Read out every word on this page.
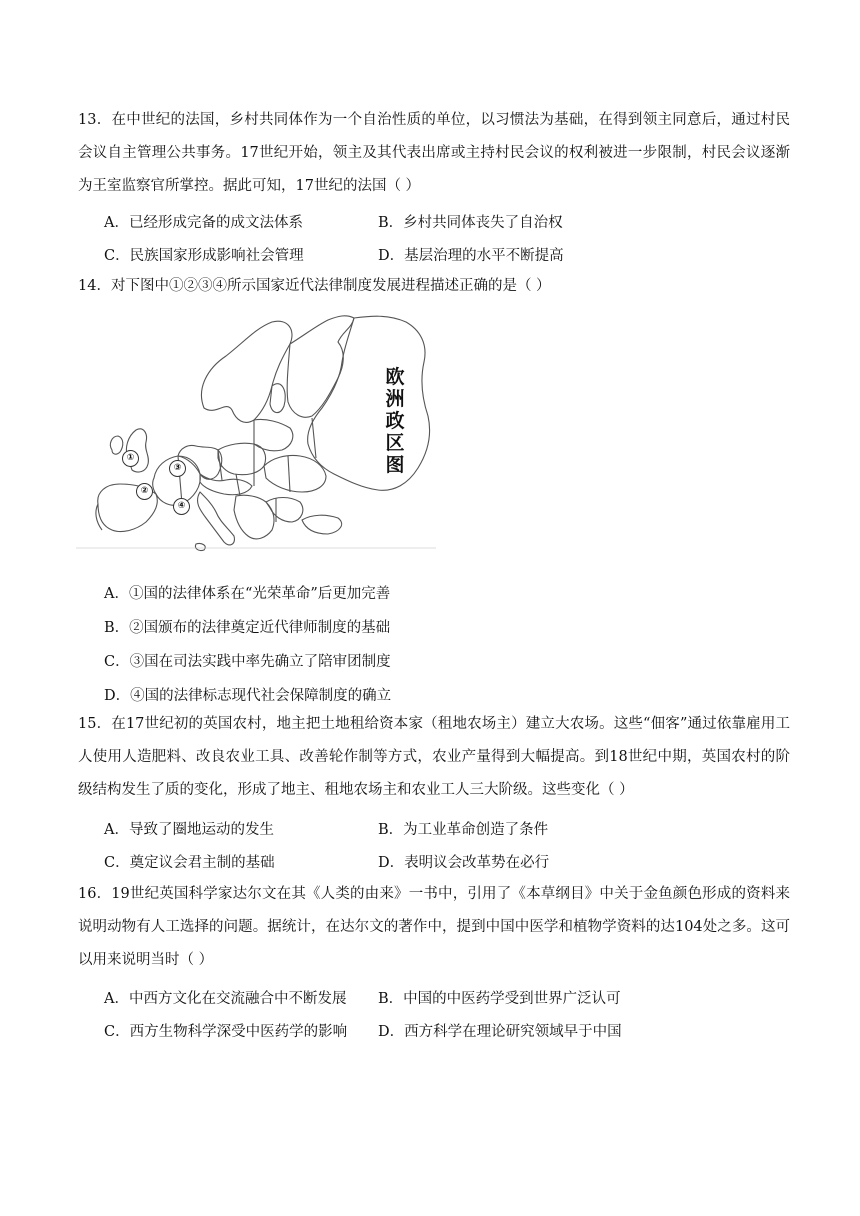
13．在中世纪的法国，乡村共同体作为一个自治性质的单位，以习惯法为基础，在得到领主同意后，通过村民会议自主管理公共事务。17世纪开始，领主及其代表出席或主持村民会议的权利被进一步限制，村民会议逐渐为王室监察官所掌控。据此可知，17世纪的法国（ ）

A．已经形成完备的成文法体系	B．乡村共同体丧失了自治权
C．民族国家形成影响社会管理	D．基层治理的水平不断提高

14．对下图中①②③④所示国家近代法律制度发展进程描述正确的是（ ）

①
②
③
④
欧
洲
政
区
图
A．①国的法律体系在“光荣革命”后更加完善
B．②国颁布的法律奠定近代律师制度的基础
C．③国在司法实践中率先确立了陪审团制度
D．④国的法律标志现代社会保障制度的确立

15．在17世纪初的英国农村，地主把土地租给资本家（租地农场主）建立大农场。这些“佃客”通过依靠雇用工人使用人造肥料、改良农业工具、改善轮作制等方式，农业产量得到大幅提高。到18世纪中期，英国农村的阶级结构发生了质的变化，形成了地主、租地农场主和农业工人三大阶级。这些变化（ ）

A．导致了圈地运动的发生	B．为工业革命创造了条件
C．奠定议会君主制的基础	D．表明议会改革势在必行

16．19世纪英国科学家达尔文在其《人类的由来》一书中，引用了《本草纲目》中关于金鱼颜色形成的资料来说明动物有人工选择的问题。据统计，在达尔文的著作中，提到中国中医学和植物学资料的达104处之多。这可以用来说明当时（ ）

A．中西方文化在交流融合中不断发展 B．中国的中医药学受到世界广泛认可
C．西方生物科学深受中医药学的影响 D．西方科学在理论研究领域早于中国
